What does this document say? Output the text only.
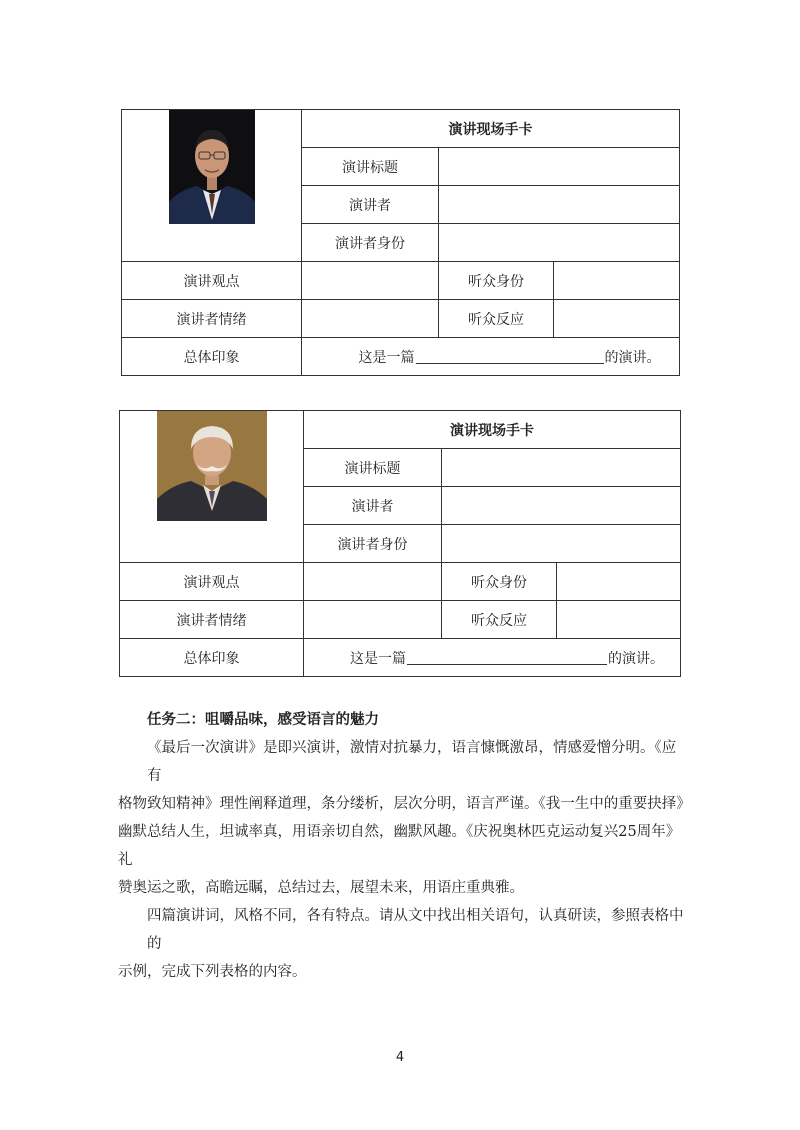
	演讲现场手卡		
	演讲标题		
	演讲者		
	演讲者身份		
演讲观点		听众身份	
演讲者情绪		听众反应	
总体印象	这是一篇 的演讲。		
	演讲现场手卡		
	演讲标题		
	演讲者		
	演讲者身份		
演讲观点		听众身份	
演讲者情绪		听众反应	
总体印象	这是一篇 的演讲。		
任务二：咀嚼品味，感受语言的魅力
《最后一次演讲》是即兴演讲，激情对抗暴力，语言慷慨激昂，情感爱憎分明。《应有
格物致知精神》理性阐释道理，条分缕析，层次分明，语言严谨。《我一生中的重要抉择》
幽默总结人生，坦诚率真，用语亲切自然，幽默风趣。《庆祝奥林匹克运动复兴25周年》礼
赞奥运之歌，高瞻远瞩，总结过去，展望未来，用语庄重典雅。
四篇演讲词，风格不同，各有特点。请从文中找出相关语句，认真研读，参照表格中的
示例，完成下列表格的内容。
4
